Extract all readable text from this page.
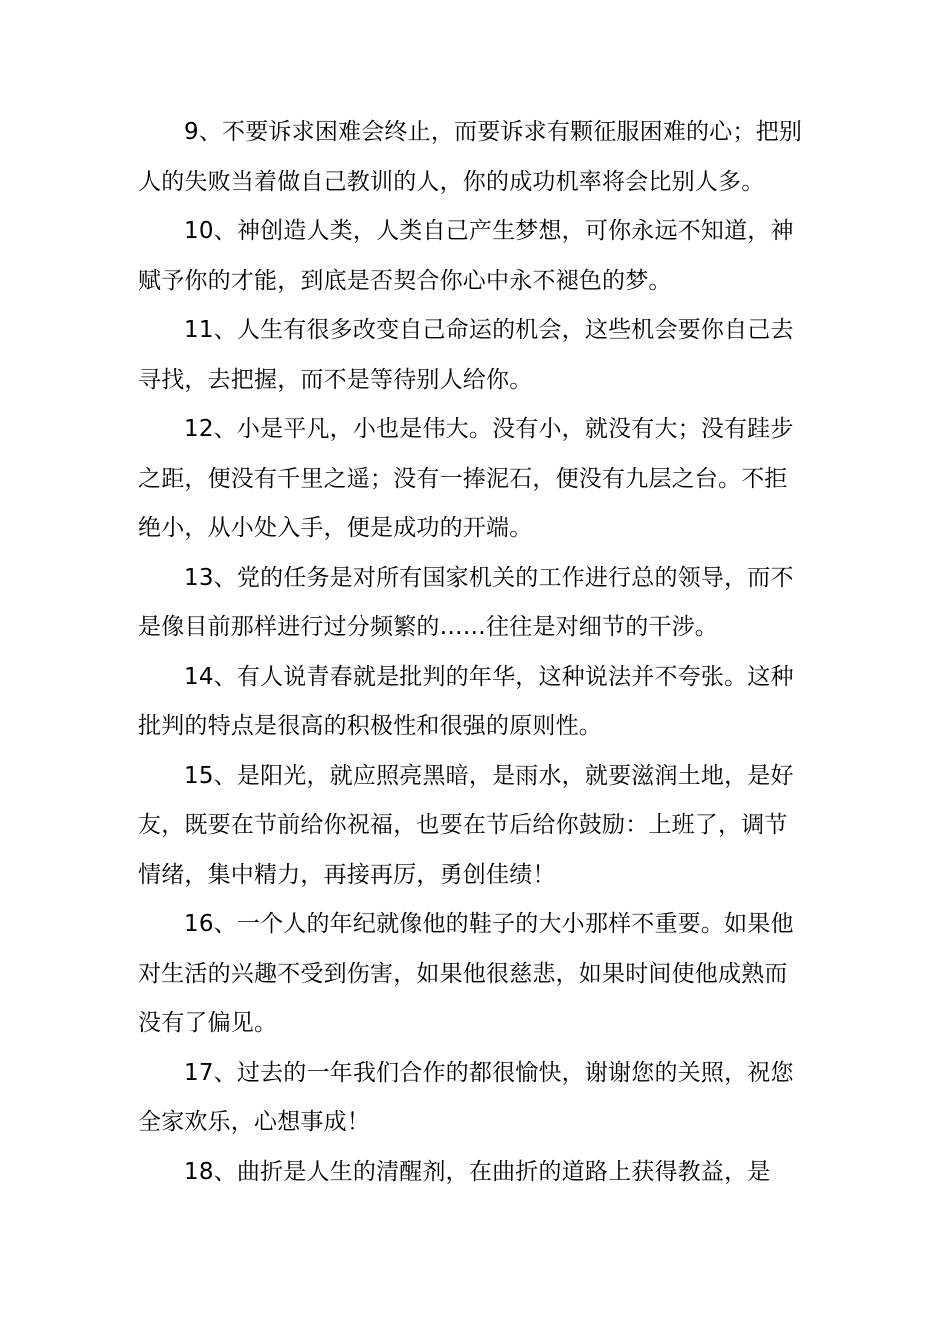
9、不要诉求困难会终止，而要诉求有颗征服困难的心；把别人的失败当着做自己教训的人，你的成功机率将会比别人多。

10、神创造人类，人类自己产生梦想，可你永远不知道，神赋予你的才能，到底是否契合你心中永不褪色的梦。

11、人生有很多改变自己命运的机会，这些机会要你自己去寻找，去把握，而不是等待别人给你。

12、小是平凡，小也是伟大。没有小，就没有大；没有跬步之距，便没有千里之遥；没有一捧泥石，便没有九层之台。不拒绝小，从小处入手，便是成功的开端。

13、党的任务是对所有国家机关的工作进行总的领导，而不是像目前那样进行过分频繁的……往往是对细节的干涉。

14、有人说青春就是批判的年华，这种说法并不夸张。这种批判的特点是很高的积极性和很强的原则性。

15、是阳光，就应照亮黑暗，是雨水，就要滋润土地，是好友，既要在节前给你祝福，也要在节后给你鼓励：上班了，调节情绪，集中精力，再接再厉，勇创佳绩！

16、一个人的年纪就像他的鞋子的大小那样不重要。如果他对生活的兴趣不受到伤害，如果他很慈悲，如果时间使他成熟而没有了偏见。

17、过去的一年我们合作的都很愉快，谢谢您的关照，祝您全家欢乐，心想事成！

18、曲折是人生的清醒剂，在曲折的道路上获得教益，是
